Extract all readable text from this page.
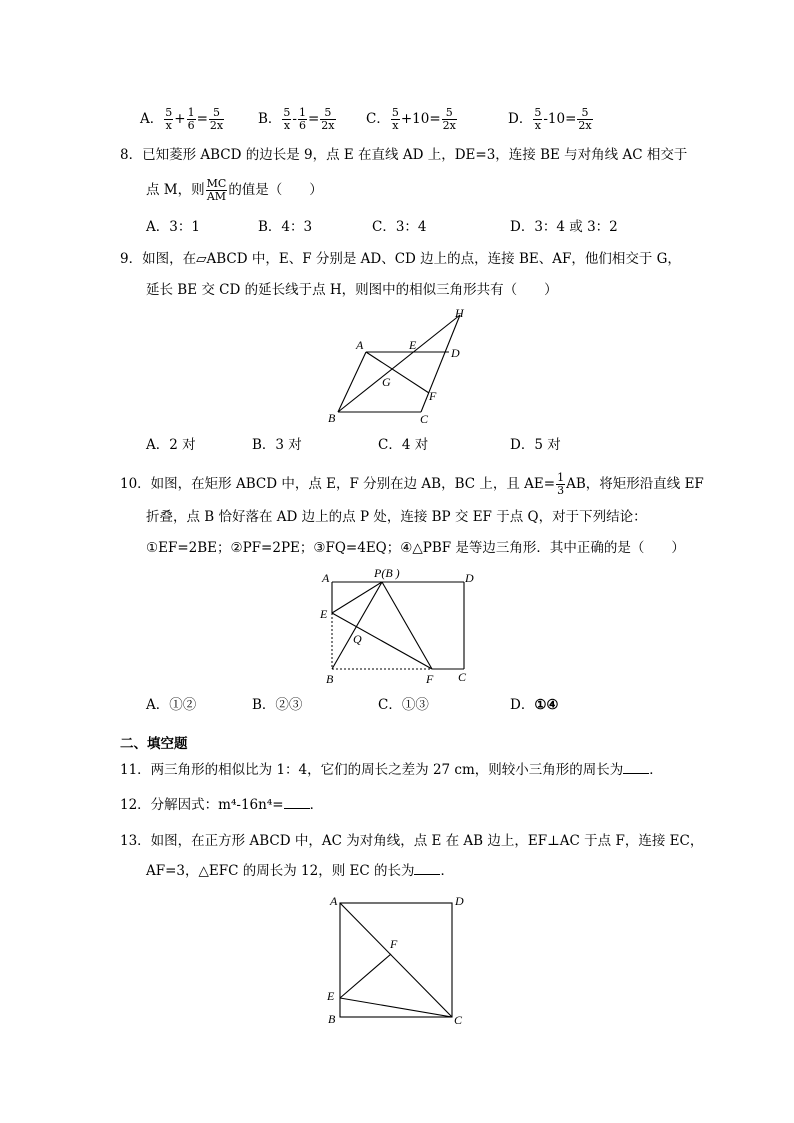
A． $\frac{5}{x} + \frac{1}{6} = \frac{5}{2x}$	B． $\frac{5}{x} - \frac{1}{6} = \frac{5}{2x}$ C． $\frac{5}{x} +10= \frac{5}{2x}$	D． $\frac{5}{x} -10= \frac{5}{2x}$
8．已知菱形 ABCD 的边长是 9，点 E 在直线 AD 上，DE=3，连接 BE 与对角线 AC 相交于
点 M，则 $\frac{MC}{AM}$ 的值是（　　）
A．3：1	B．4：3	C．3：4	D．3：4 或 3：2
9．如图，在▱ABCD 中，E、F 分别是 AD、CD 边上的点，连接 BE、AF，他们相交于 G，
延长 BE 交 CD 的延长线于点 H，则图中的相似三角形共有（　　）
H
A	E
D
G
F
B	C
A．2 对	B．3 对	C．4 对	D．5 对
10．如图，在矩形 ABCD 中，点 E，F 分别在边 AB，BC 上，且 $AE= \frac{1}{3}$ AB，将矩形沿直线 EF
折叠，点 B 恰好落在 AD 边上的点 P 处，连接 BP 交 EF 于点 Q，对于下列结论：
①EF=2BE；②PF=2PE；③FQ=4EQ；④△PBF 是等边三角形．其中正确的是（　　）
A	P(B )	D
E
Q
B	F C
A．①②	B．②③	C．①③	D．①④
二、填空题
11．两三角形的相似比为 1：4，它们的周长之差为 27 cm，则较小三角形的周长为 ．
12．分解因式：m⁴-16n⁴= ．
13．如图，在正方形 ABCD 中，AC 为对角线，点 E 在 AB 边上，EF⊥AC 于点 F，连接 EC，
AF=3，△EFC 的周长为 12，则 EC 的长为 ．
A	D
F
E
B	C
